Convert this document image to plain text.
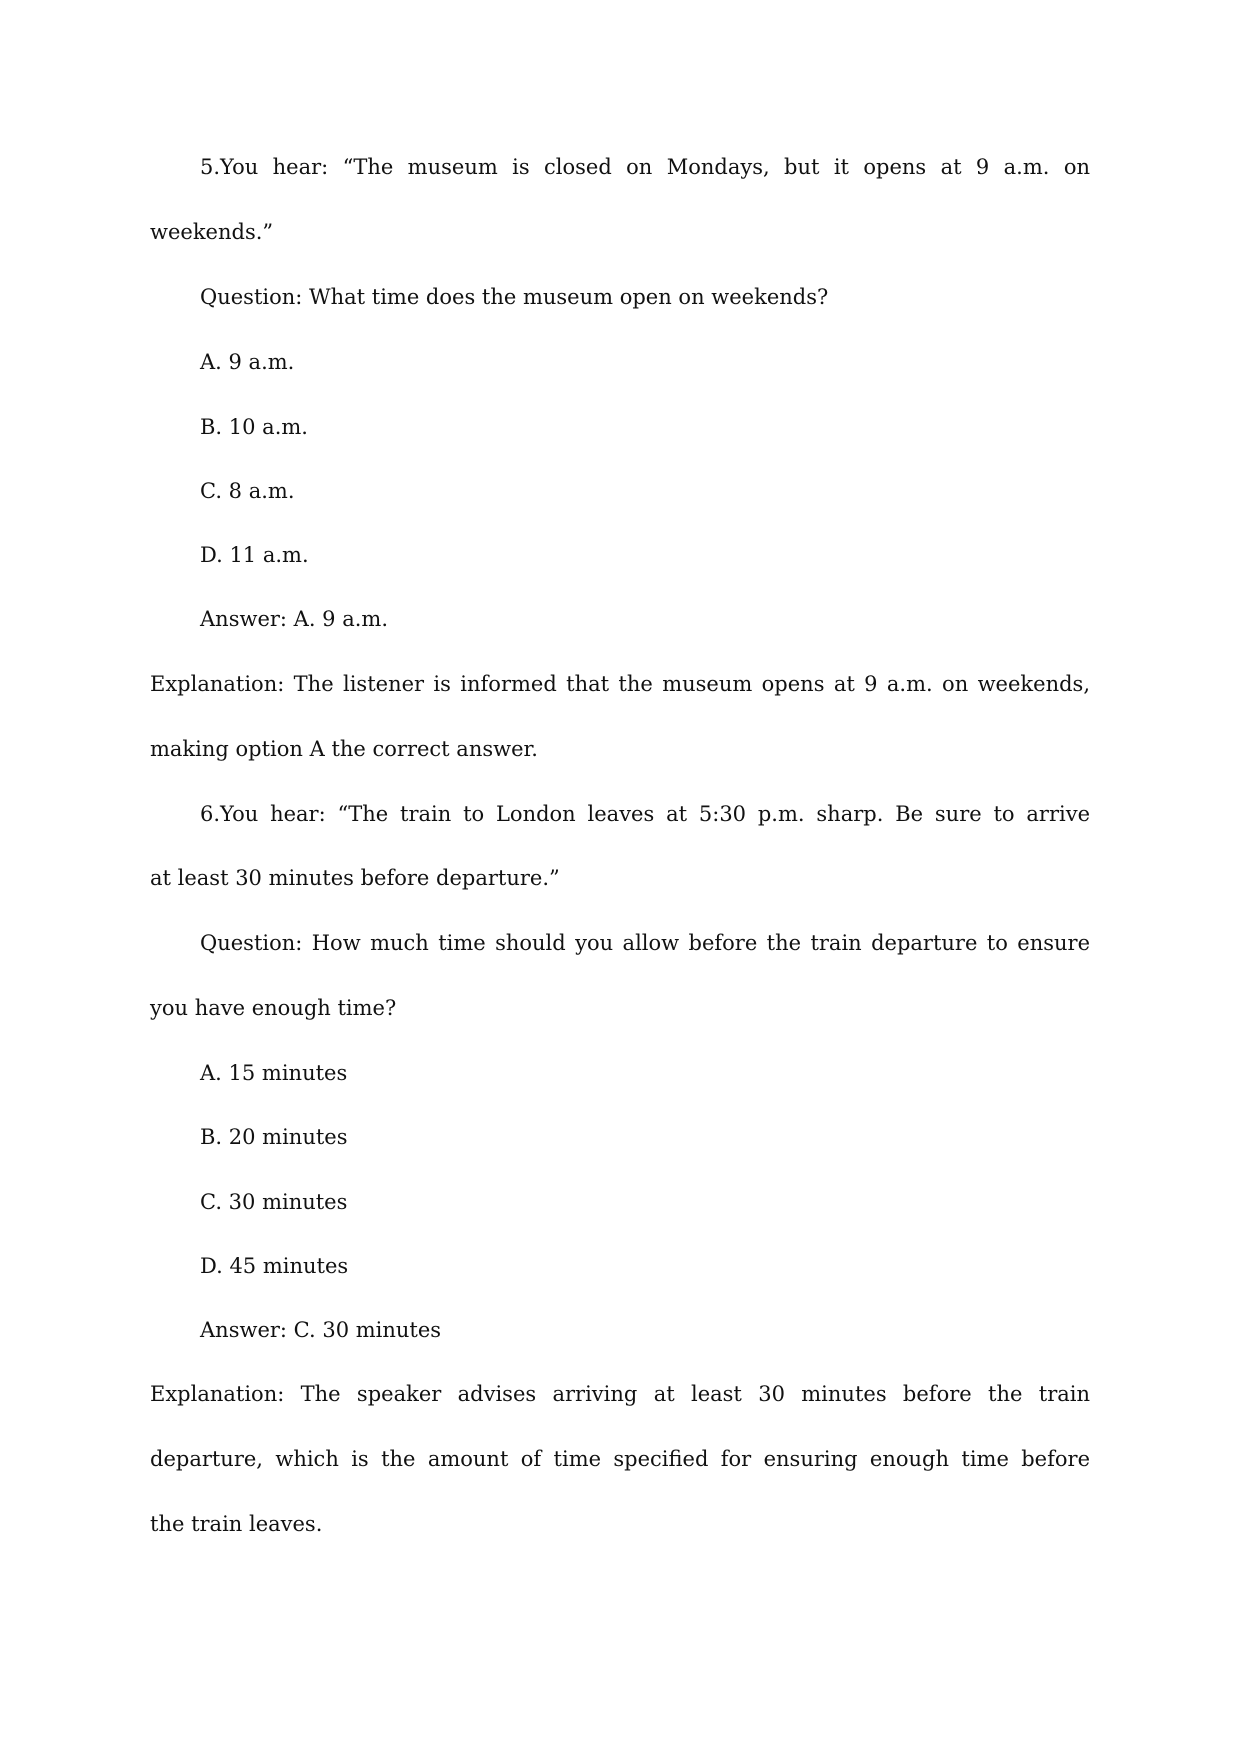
5.You hear: “The museum is closed on Mondays, but it opens at 9 a.m. on
weekends.”
Question: What time does the museum open on weekends?
A. 9 a.m.
B. 10 a.m.
C. 8 a.m.
D. 11 a.m.
Answer: A. 9 a.m.
Explanation: The listener is informed that the museum opens at 9 a.m. on weekends,
making option A the correct answer.
6.You hear: “The train to London leaves at 5:30 p.m. sharp. Be sure to arrive
at least 30 minutes before departure.”
Question: How much time should you allow before the train departure to ensure
you have enough time?
A. 15 minutes
B. 20 minutes
C. 30 minutes
D. 45 minutes
Answer: C. 30 minutes
Explanation: The speaker advises arriving at least 30 minutes before the train
departure, which is the amount of time specified for ensuring enough time before
the train leaves.
